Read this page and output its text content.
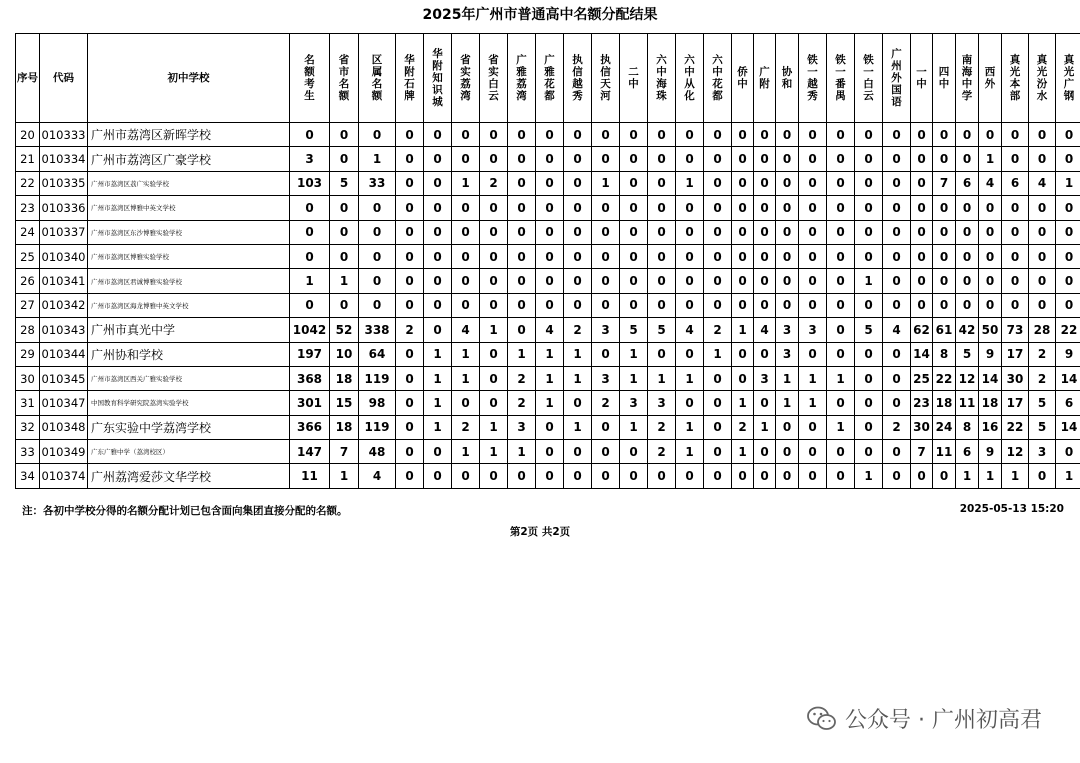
2025年广州市普通高中名额分配结果
序号	代码	初中学校	名额考生	省市名额	区属名额	华附石牌	华附知识城	省实荔湾	省实白云	广雅荔湾	广雅花都	执信越秀	执信天河	二中	六中海珠	六中从化	六中花都	侨中	广附	协和	铁一越秀	铁一番禺	铁一白云	广州外国语	一中	四中	南海中学	西外	真光本部	真光汾水	真光广钢	
20	010333	广州市荔湾区新晖学校	0	0	0	0	0	0	0	0	0	0	0	0	0	0	0	0	0	0	0	0	0	0	0	0	0	0	0	0	0	
21	010334	广州市荔湾区广豪学校	3	0	1	0	0	0	0	0	0	0	0	0	0	0	0	0	0	0	0	0	0	0	0	0	0	1	0	0	0	
22	010335	广州市荔湾区荔广实验学校	103	5	33	0	0	1	2	0	0	0	1	0	0	1	0	0	0	0	0	0	0	0	0	7	6	4	6	4	1	
23	010336	广州市荔湾区博雅中英文学校	0	0	0	0	0	0	0	0	0	0	0	0	0	0	0	0	0	0	0	0	0	0	0	0	0	0	0	0	0	
24	010337	广州市荔湾区东沙博雅实验学校	0	0	0	0	0	0	0	0	0	0	0	0	0	0	0	0	0	0	0	0	0	0	0	0	0	0	0	0	0	
25	010340	广州市荔湾区博雅实验学校	0	0	0	0	0	0	0	0	0	0	0	0	0	0	0	0	0	0	0	0	0	0	0	0	0	0	0	0	0	
26	010341	广州市荔湾区君诚博雅实验学校	1	1	0	0	0	0	0	0	0	0	0	0	0	0	0	0	0	0	0	0	1	0	0	0	0	0	0	0	0	
27	010342	广州市荔湾区海龙博雅中英文学校	0	0	0	0	0	0	0	0	0	0	0	0	0	0	0	0	0	0	0	0	0	0	0	0	0	0	0	0	0	
28	010343	广州市真光中学	1042	52	338	2	0	4	1	0	4	2	3	5	5	4	2	1	4	3	3	0	5	4	62	61	42	50	73	28	22	
29	010344	广州协和学校	197	10	64	0	1	1	0	1	1	1	0	1	0	0	1	0	0	3	0	0	0	0	14	8	5	9	17	2	9	
30	010345	广州市荔湾区西关广雅实验学校	368	18	119	0	1	1	0	2	1	1	3	1	1	1	0	0	3	1	1	1	0	0	25	22	12	14	30	2	14	
31	010347	中国教育科学研究院荔湾实验学校	301	15	98	0	1	0	0	2	1	0	2	3	3	0	0	1	0	1	1	0	0	0	23	18	11	18	17	5	6	
32	010348	广东实验中学荔湾学校	366	18	119	0	1	2	1	3	0	1	0	1	2	1	0	2	1	0	0	1	0	2	30	24	8	16	22	5	14	
33	010349	广东广雅中学（荔湾校区）	147	7	48	0	0	1	1	1	0	0	0	0	2	1	0	1	0	0	0	0	0	0	7	11	6	9	12	3	0	
34	010374	广州荔湾爱莎文华学校	11	1	4	0	0	0	0	0	0	0	0	0	0	0	0	0	0	0	0	0	1	0	0	0	1	1	1	0	1	
注：各初中学校分得的名额分配计划已包含面向集团直接分配的名额。	2025-05-13 15:20
第2页 共2页
公众号 · 广州初高君
